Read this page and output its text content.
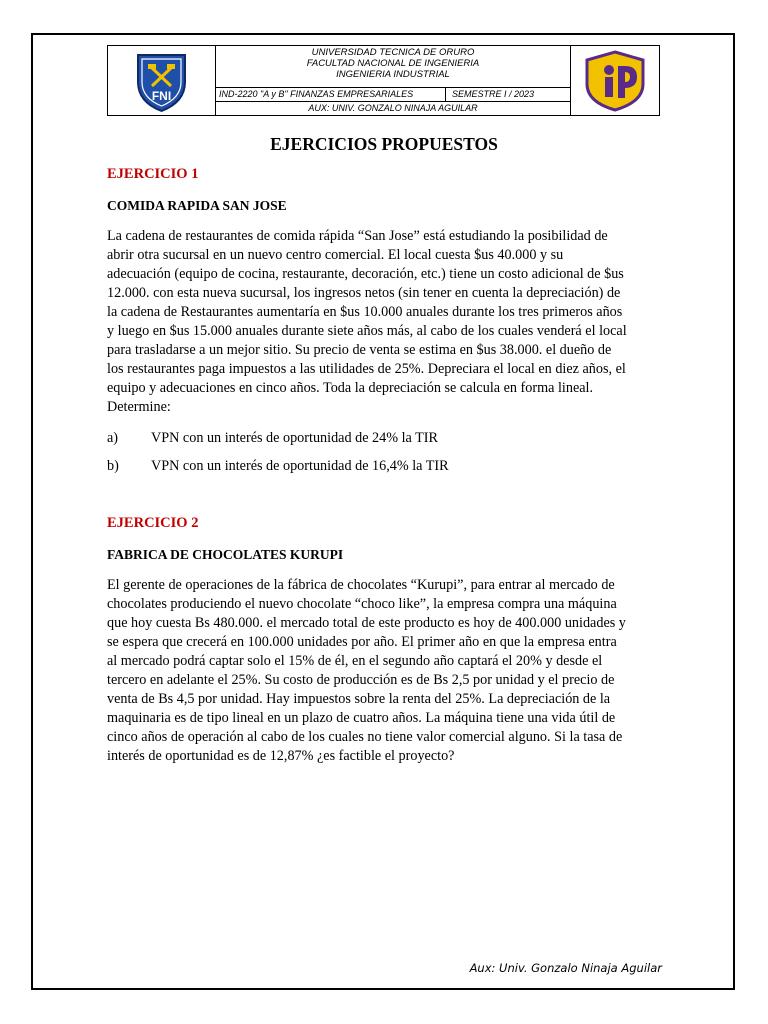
FNI
UNIVERSIDAD TECNICA DE ORURO
FACULTAD NACIONAL DE INGENIERIA
INGENIERIA INDUSTRIAL
IND-2220 "A y B" FINANZAS EMPRESARIALES	SEMESTRE I / 2023
AUX: UNIV. GONZALO NINAJA AGUILAR
EJERCICIOS PROPUESTOS
EJERCICIO 1
COMIDA RAPIDA SAN JOSE
La cadena de restaurantes de comida rápida “San Jose” está estudiando la posibilidad de
abrir otra sucursal en un nuevo centro comercial. El local cuesta $us 40.000 y su
adecuación (equipo de cocina, restaurante, decoración, etc.) tiene un costo adicional de $us
12.000. con esta nueva sucursal, los ingresos netos (sin tener en cuenta la depreciación) de
la cadena de Restaurantes aumentaría en $us 10.000 anuales durante los tres primeros años
y luego en $us 15.000 anuales durante siete años más, al cabo de los cuales venderá el local
para trasladarse a un mejor sitio. Su precio de venta se estima en $us 38.000. el dueño de
los restaurantes paga impuestos a las utilidades de 25%. Depreciara el local en diez años, el
equipo y adecuaciones en cinco años. Toda la depreciación se calcula en forma lineal.
Determine:
a) VPN con un interés de oportunidad de 24% la TIR
b) VPN con un interés de oportunidad de 16,4% la TIR
EJERCICIO 2
FABRICA DE CHOCOLATES KURUPI
El gerente de operaciones de la fábrica de chocolates “Kurupi”, para entrar al mercado de
chocolates produciendo el nuevo chocolate “choco like”, la empresa compra una máquina
que hoy cuesta Bs 480.000. el mercado total de este producto es hoy de 400.000 unidades y
se espera que crecerá en 100.000 unidades por año. El primer año en que la empresa entra
al mercado podrá captar solo el 15% de él, en el segundo año captará el 20% y desde el
tercero en adelante el 25%. Su costo de producción es de Bs 2,5 por unidad y el precio de
venta de Bs 4,5 por unidad. Hay impuestos sobre la renta del 25%. La depreciación de la
maquinaria es de tipo lineal en un plazo de cuatro años. La máquina tiene una vida útil de
cinco años de operación al cabo de los cuales no tiene valor comercial alguno. Si la tasa de
interés de oportunidad es de 12,87% ¿es factible el proyecto?
Aux: Univ. Gonzalo Ninaja Aguilar
